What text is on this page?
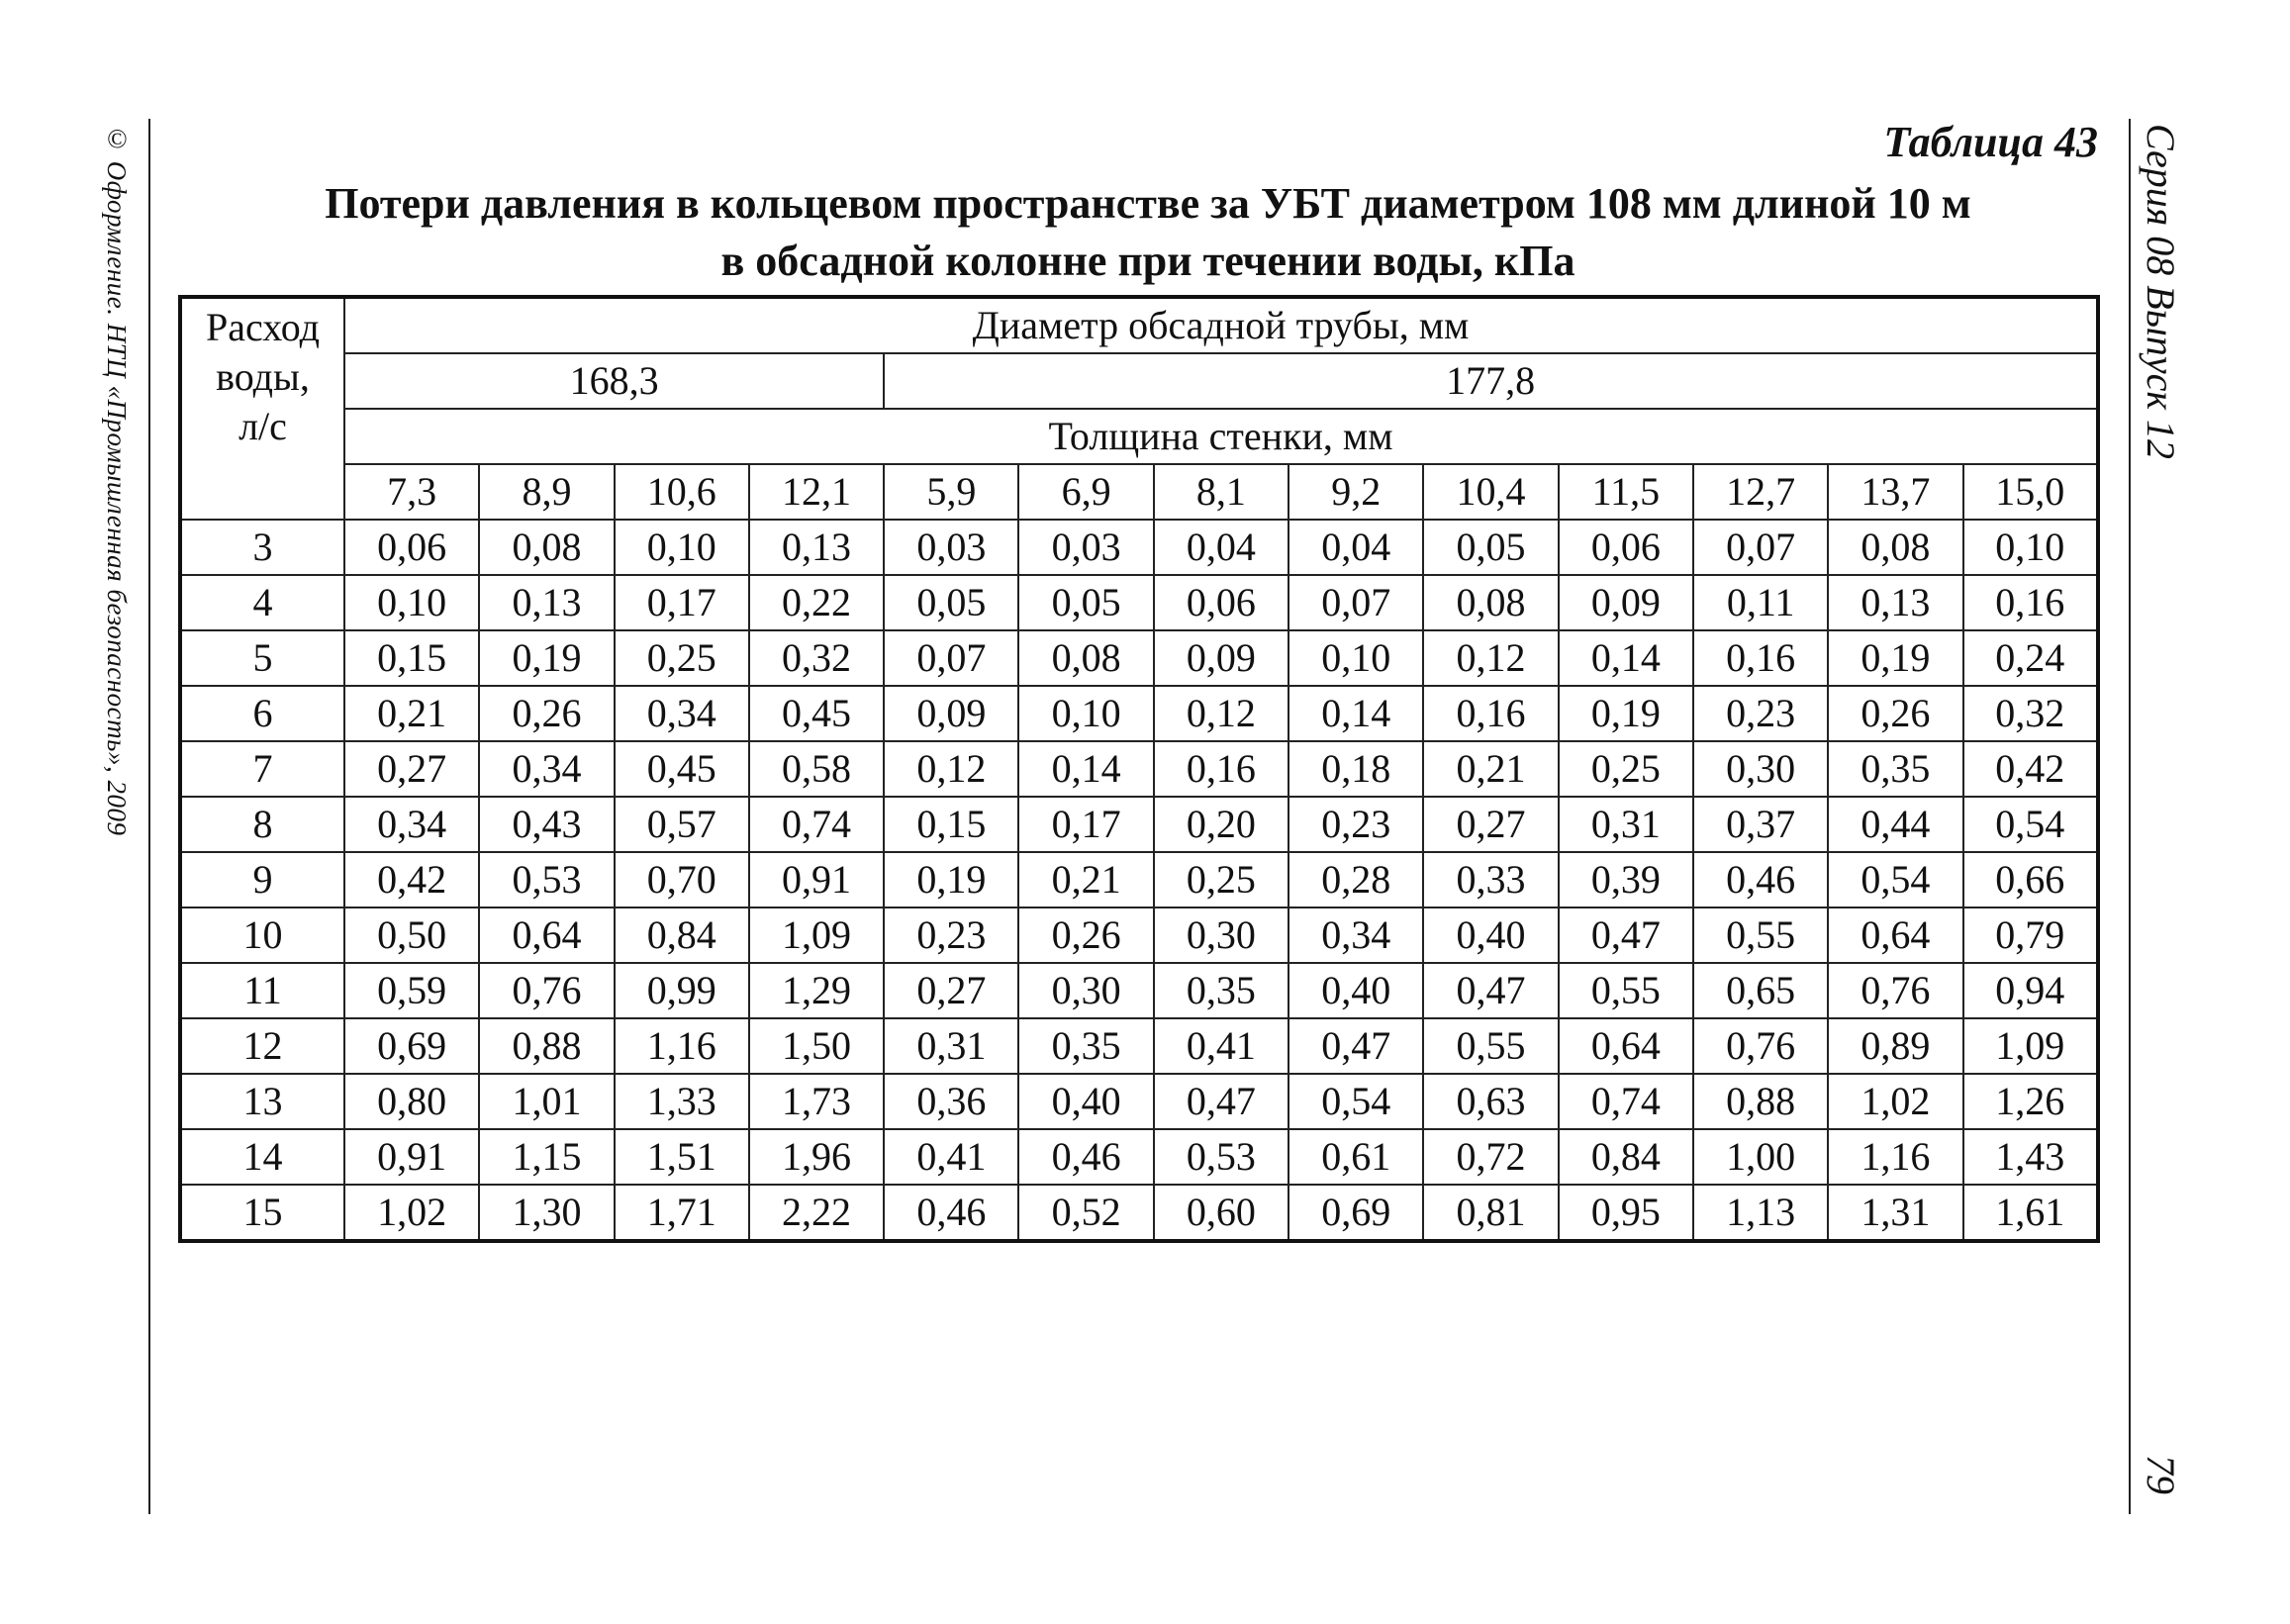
© Оформление. НТЦ «Промышленная безопасность», 2009	Серия 08 Выпуск 12
79
Таблица 43
Потери давления в кольцевом пространстве за УБТ диаметром 108 мм длиной 10 м
в обсадной колонне при течении воды, кПа
Расход
воды,
л/с	Диаметр обсадной трубы, мм												
	168,3				177,8								
	Толщина стенки, мм												
	7,3	8,9	10,6	12,1	5,9	6,9	8,1	9,2	10,4	11,5	12,7	13,7	15,0
3	0,06	0,08	0,10	0,13	0,03	0,03	0,04	0,04	0,05	0,06	0,07	0,08	0,10
4	0,10	0,13	0,17	0,22	0,05	0,05	0,06	0,07	0,08	0,09	0,11	0,13	0,16
5	0,15	0,19	0,25	0,32	0,07	0,08	0,09	0,10	0,12	0,14	0,16	0,19	0,24
6	0,21	0,26	0,34	0,45	0,09	0,10	0,12	0,14	0,16	0,19	0,23	0,26	0,32
7	0,27	0,34	0,45	0,58	0,12	0,14	0,16	0,18	0,21	0,25	0,30	0,35	0,42
8	0,34	0,43	0,57	0,74	0,15	0,17	0,20	0,23	0,27	0,31	0,37	0,44	0,54
9	0,42	0,53	0,70	0,91	0,19	0,21	0,25	0,28	0,33	0,39	0,46	0,54	0,66
10	0,50	0,64	0,84	1,09	0,23	0,26	0,30	0,34	0,40	0,47	0,55	0,64	0,79
11	0,59	0,76	0,99	1,29	0,27	0,30	0,35	0,40	0,47	0,55	0,65	0,76	0,94
12	0,69	0,88	1,16	1,50	0,31	0,35	0,41	0,47	0,55	0,64	0,76	0,89	1,09
13	0,80	1,01	1,33	1,73	0,36	0,40	0,47	0,54	0,63	0,74	0,88	1,02	1,26
14	0,91	1,15	1,51	1,96	0,41	0,46	0,53	0,61	0,72	0,84	1,00	1,16	1,43
15	1,02	1,30	1,71	2,22	0,46	0,52	0,60	0,69	0,81	0,95	1,13	1,31	1,61
